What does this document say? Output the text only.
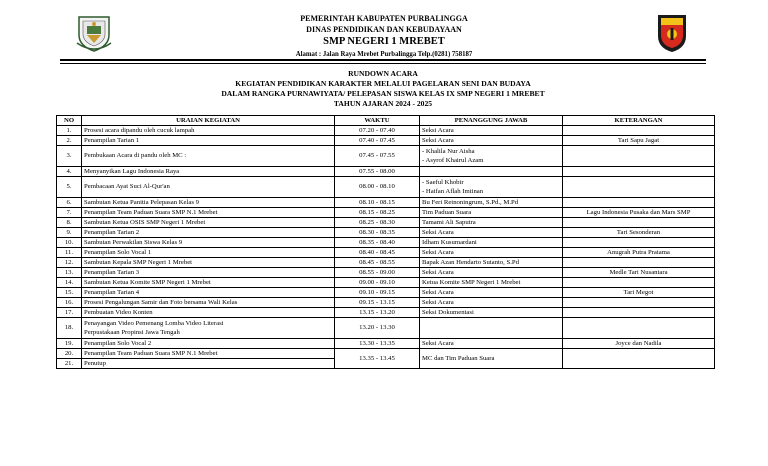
PEMERINTAH KABUPATEN PURBALINGGA
DINAS PENDIDIKAN DAN KEBUDAYAAN
SMP NEGERI 1 MREBET
Alamat : Jalan Raya Mrebet Purbalingga Telp.(0281) 758187
RUNDOWN ACARA
KEGIATAN PENDIDIKAN KARAKTER MELALUI PAGELARAN SENI DAN BUDAYA
DALAM RANGKA PURNAWIYATA/ PELEPASAN SISWA KELAS IX SMP NEGERI 1 MREBET
TAHUN AJARAN 2024 - 2025
NO	URAIAN KEGIATAN	WAKTU	PENANGGUNG JAWAB	KETERANGAN
1.	Prosesi acara dipandu oleh cucuk lampah	07.20 - 07.40	Seksi Acara	
2.	Penampilan Tarian 1	07.40 - 07.45	Seksi Acara	Tari Sapu Jagat
3.	Pembukaan Acara di pandu oleh MC :	07.45 - 07.55	- Khalila Nur Aisha
- Asyrof Khairul Azam	

4.	Menyanyikan Lagu Indonesia Raya	07.55 - 08.00		
5.	Pembacaan Ayat Suci Al-Qur'an	08.00 - 08.10	- Saeful Khobir
- Haifan Aflah Imtinan	

6.	Sambutan Ketua Panitia Pelepasan Kelas 9	08.10 - 08.15	Bu Feri Retnoningrum, S.Pd., M.Pd	
7.	Penampilan Team Paduan Suara SMP N.1 Mrebet	08.15 - 08.25	Tim Paduan Suara	Lagu Indonesia Pusaka dan Mars SMP
8.	Sambutan Ketua OSIS SMP Negeri 1 Mrebet	08.25 - 08.30	Tamami Ali Saputra	
9.	Penampilan Tarian 2	08.30 - 08.35	Seksi Acara	Tari Sesonderan
10.	Sambutan Perwakilan Siswa Kelas 9	08.35 - 08.40	Idham Kusumardani	
11.	Penampilan Solo Vocal 1	08.40 - 08.45	Seksi Acara	Anugrah Putra Pratama
12.	Sambutan Kepala SMP Negeri 1 Mrebet	08.45 - 08.55	Bapak Azan Hendarto Sutanto, S.Pd	
13.	Penampilan Tarian 3	08.55 - 09.00	Seksi Acara	Medle Tari Nusantara
14.	Sambutan Ketua Komite SMP Negeri 1 Mrebet	09.00 - 09.10	Ketua Komite SMP Negeri 1 Mrebet	
15.	Penampilan Tarian 4	09.10 - 09.15	Seksi Acara	Tari Megot
16.	Prosesi Pengalungan Samir dan Foto bersama Wali Kelas	09.15 - 13.15	Seksi Acara	
17.	Pembuatan Video Konten	13.15 - 13.20	Seksi Dokumentasi	
18.	Penayangan Video Pemenang Lomba Video Literasi
Perpustakaan Propinsi Jawa Tengah	13.20 - 13.30		
19.	Penampilan Solo Vocal 2	13.30 - 13.35	Seksi Acara	Joyce dan Nadila
20.	Penampilan Team Paduan Suara SMP N.1 Mrebet	13.35 - 13.45	MC dan Tim Paduan Suara	
21.	Penutup			
